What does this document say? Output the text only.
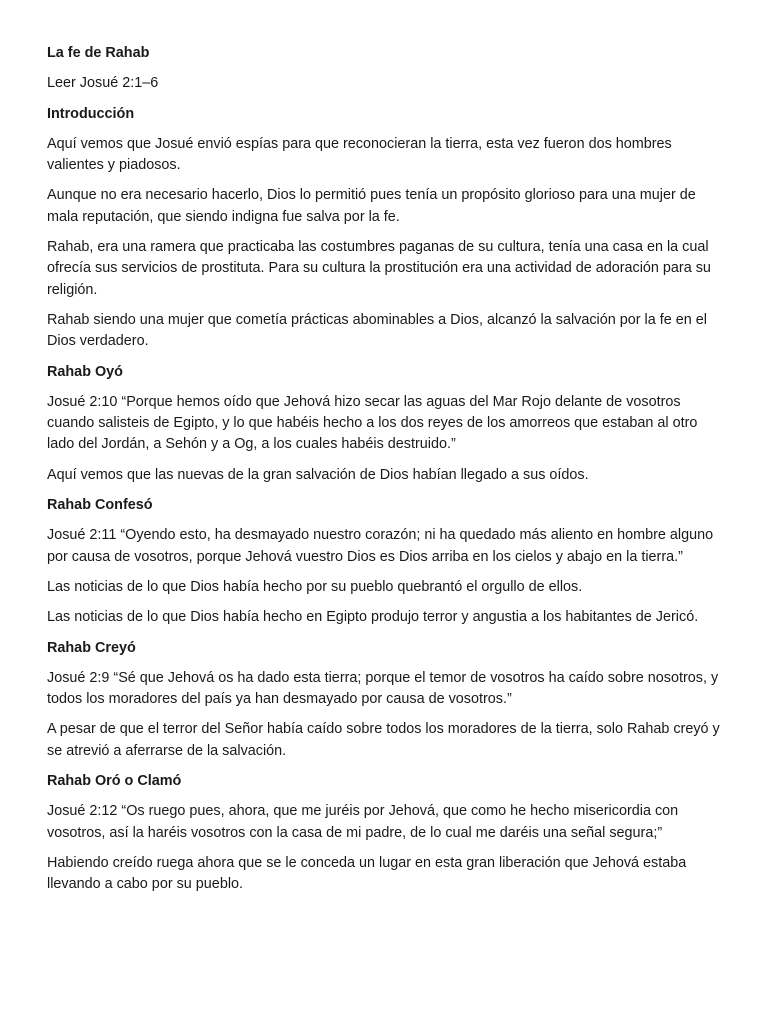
La fe de Rahab
Leer Josué 2:1–6
Introducción
Aquí vemos que Josué envió espías para que reconocieran la tierra, esta vez fueron dos hombres valientes y piadosos.
Aunque no era necesario hacerlo, Dios lo permitió pues tenía un propósito glorioso para una mujer de mala reputación, que siendo indigna fue salva por la fe.
Rahab, era una ramera que practicaba las costumbres paganas de su cultura, tenía una casa en la cual ofrecía sus servicios de prostituta. Para su cultura la prostitución era una actividad de adoración para su religión.
Rahab siendo una mujer que cometía prácticas abominables a Dios, alcanzó la salvación por la fe en el Dios verdadero.
Rahab Oyó
Josué 2:10 “Porque hemos oído que Jehová hizo secar las aguas del Mar Rojo delante de vosotros cuando salisteis de Egipto, y lo que habéis hecho a los dos reyes de los amorreos que estaban al otro lado del Jordán, a Sehón y a Og, a los cuales habéis destruido.”
Aquí vemos que las nuevas de la gran salvación de Dios habían llegado a sus oídos.
Rahab Confesó
Josué 2:11 “Oyendo esto, ha desmayado nuestro corazón; ni ha quedado más aliento en hombre alguno por causa de vosotros, porque Jehová vuestro Dios es Dios arriba en los cielos y abajo en la tierra.”
Las noticias de lo que Dios había hecho por su pueblo quebrantó el orgullo de ellos.
Las noticias de lo que Dios había hecho en Egipto produjo terror y angustia a los habitantes de Jericó.
Rahab Creyó
Josué 2:9 “Sé que Jehová os ha dado esta tierra; porque el temor de vosotros ha caído sobre nosotros, y todos los moradores del país ya han desmayado por causa de vosotros.”
A pesar de que el terror del Señor había caído sobre todos los moradores de la tierra, solo Rahab creyó y se atrevió a aferrarse de la salvación.
Rahab Oró o Clamó
Josué 2:12 “Os ruego pues, ahora, que me juréis por Jehová, que como he hecho misericordia con vosotros, así la haréis vosotros con la casa de mi padre, de lo cual me daréis una señal segura;”
Habiendo creído ruega ahora que se le conceda un lugar en esta gran liberación que Jehová estaba llevando a cabo por su pueblo.
